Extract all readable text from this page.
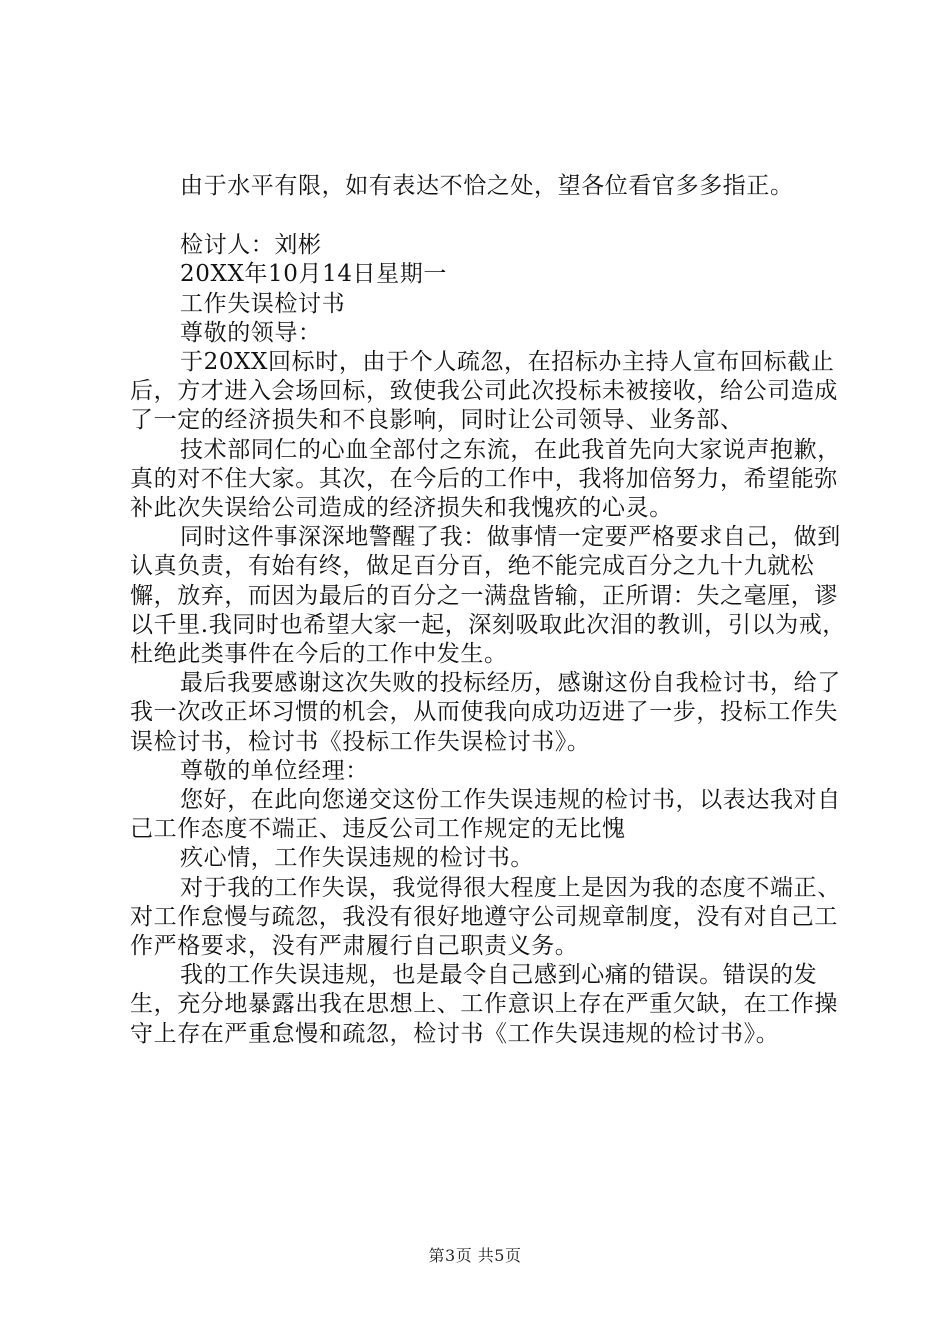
由于水平有限，如有表达不恰之处，望各位看官多多指正。

检讨人：刘彬

20XX年10月14日星期一

工作失误检讨书

尊敬的领导：

于20XX回标时，由于个人疏忽，在招标办主持人宣布回标截止后，方才进入会场回标，致使我公司此次投标未被接收，给公司造成了一定的经济损失和不良影响，同时让公司领导、业务部、

技术部同仁的心血全部付之东流，在此我首先向大家说声抱歉，真的对不住大家。其次，在今后的工作中，我将加倍努力，希望能弥补此次失误给公司造成的经济损失和我愧疚的心灵。

同时这件事深深地警醒了我：做事情一定要严格要求自己，做到认真负责，有始有终，做足百分百，绝不能完成百分之九十九就松懈，放弃，而因为最后的百分之一满盘皆输，正所谓：失之毫厘，谬以千里.我同时也希望大家一起，深刻吸取此次泪的教训，引以为戒，杜绝此类事件在今后的工作中发生。

最后我要感谢这次失败的投标经历，感谢这份自我检讨书，给了我一次改正坏习惯的机会，从而使我向成功迈进了一步，投标工作失误检讨书，检讨书《投标工作失误检讨书》。

尊敬的单位经理：

您好，在此向您递交这份工作失误违规的检讨书，以表达我对自己工作态度不端正、违反公司工作规定的无比愧

疚心情，工作失误违规的检讨书。

对于我的工作失误，我觉得很大程度上是因为我的态度不端正、对工作怠慢与疏忽，我没有很好地遵守公司规章制度，没有对自己工作严格要求，没有严肃履行自己职责义务。

我的工作失误违规，也是最令自己感到心痛的错误。错误的发生，充分地暴露出我在思想上、工作意识上存在严重欠缺，在工作操守上存在严重怠慢和疏忽，检讨书《工作失误违规的检讨书》。

第3页 共5页
